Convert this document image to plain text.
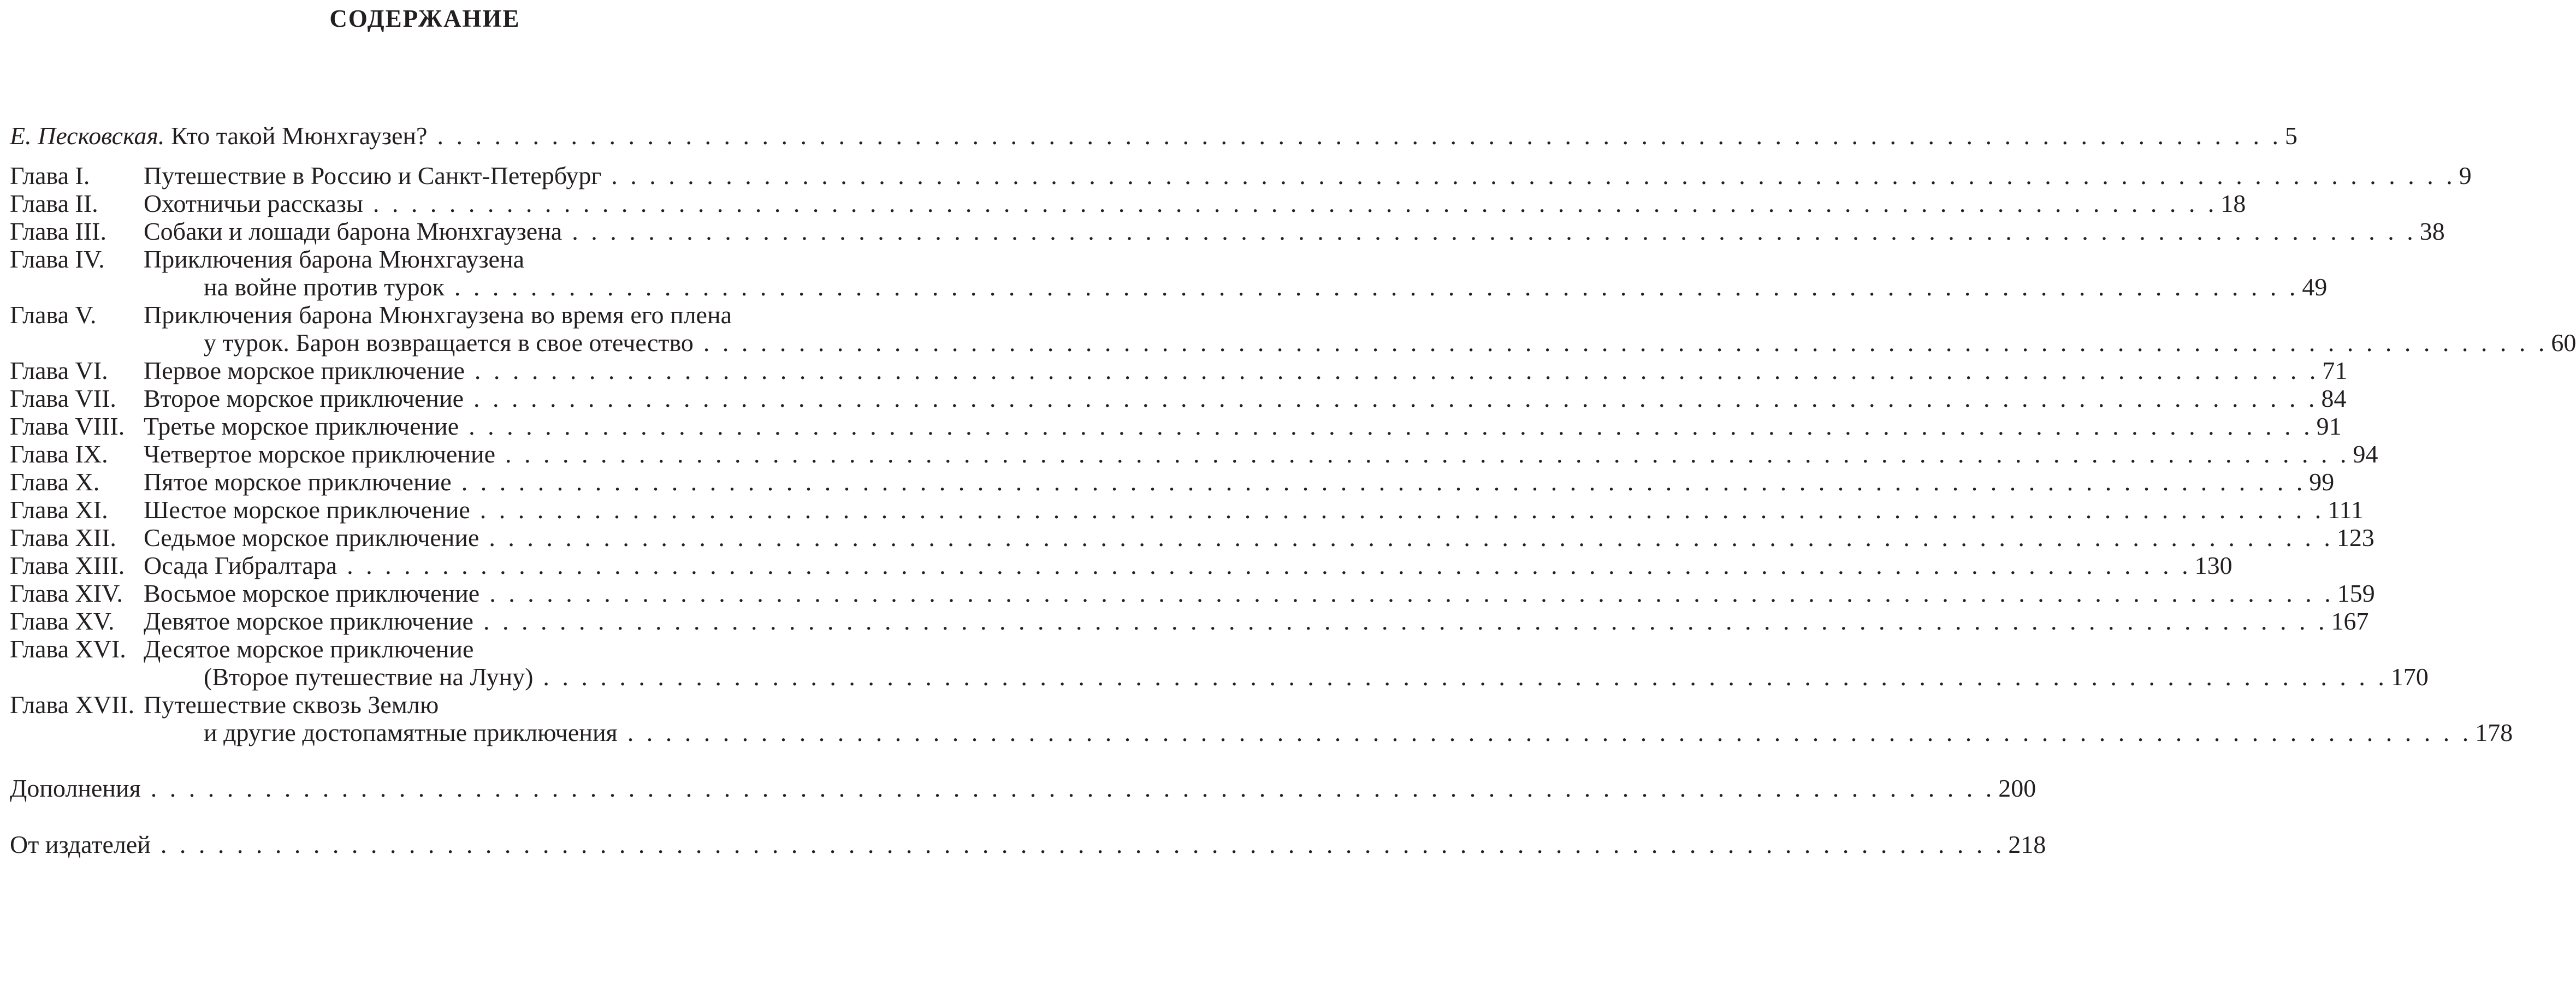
СОДЕРЖАНИЕ
Е. Песковская. Кто такой Мюнхгаузен? . . . . . . . . . . . . . . . . . . . . . . . . . . . . . . . . . . . . . . . . . . . . . . . . . . . . . . . . . . . . . . . . . . . . . . . . . . . . . . . . . . . . . . . . . . . . . . . . . 5
Глава I. Путешествие в Россию и Санкт-Петербург . . . . . . . . . . . . . . . . . . . . . . . . . . . . . . . . . . . . . . . . . . . . . . . . . . . . . . . . . . . . . . . . . . . . . . . . . . . . . . . . . . . . . . . . . . . . . . . . . 9
Глава II. Охотничьи рассказы . . . . . . . . . . . . . . . . . . . . . . . . . . . . . . . . . . . . . . . . . . . . . . . . . . . . . . . . . . . . . . . . . . . . . . . . . . . . . . . . . . . . . . . . . . . . . . . . . 18
Глава III. Собаки и лошади барона Мюнхгаузена . . . . . . . . . . . . . . . . . . . . . . . . . . . . . . . . . . . . . . . . . . . . . . . . . . . . . . . . . . . . . . . . . . . . . . . . . . . . . . . . . . . . . . . . . . . . . . . . . 38
Глава IV. Приключения барона Мюнхгаузена
на войне против турок . . . . . . . . . . . . . . . . . . . . . . . . . . . . . . . . . . . . . . . . . . . . . . . . . . . . . . . . . . . . . . . . . . . . . . . . . . . . . . . . . . . . . . . . . . . . . . . . . 49
Глава V. Приключения барона Мюнхгаузена во время его плена
у турок. Барон возвращается в свое отечество . . . . . . . . . . . . . . . . . . . . . . . . . . . . . . . . . . . . . . . . . . . . . . . . . . . . . . . . . . . . . . . . . . . . . . . . . . . . . . . . . . . . . . . . . . . . . . . . . 60
Глава VI. Первое морское приключение . . . . . . . . . . . . . . . . . . . . . . . . . . . . . . . . . . . . . . . . . . . . . . . . . . . . . . . . . . . . . . . . . . . . . . . . . . . . . . . . . . . . . . . . . . . . . . . . . 71
Глава VII. Второе морское приключение . . . . . . . . . . . . . . . . . . . . . . . . . . . . . . . . . . . . . . . . . . . . . . . . . . . . . . . . . . . . . . . . . . . . . . . . . . . . . . . . . . . . . . . . . . . . . . . . . 84
Глава VIII. Третье морское приключение . . . . . . . . . . . . . . . . . . . . . . . . . . . . . . . . . . . . . . . . . . . . . . . . . . . . . . . . . . . . . . . . . . . . . . . . . . . . . . . . . . . . . . . . . . . . . . . . . 91
Глава IX. Четвертое морское приключение . . . . . . . . . . . . . . . . . . . . . . . . . . . . . . . . . . . . . . . . . . . . . . . . . . . . . . . . . . . . . . . . . . . . . . . . . . . . . . . . . . . . . . . . . . . . . . . . . 94
Глава X. Пятое морское приключение . . . . . . . . . . . . . . . . . . . . . . . . . . . . . . . . . . . . . . . . . . . . . . . . . . . . . . . . . . . . . . . . . . . . . . . . . . . . . . . . . . . . . . . . . . . . . . . . . 99
Глава XI. Шестое морское приключение . . . . . . . . . . . . . . . . . . . . . . . . . . . . . . . . . . . . . . . . . . . . . . . . . . . . . . . . . . . . . . . . . . . . . . . . . . . . . . . . . . . . . . . . . . . . . . . . . 111
Глава XII. Седьмое морское приключение . . . . . . . . . . . . . . . . . . . . . . . . . . . . . . . . . . . . . . . . . . . . . . . . . . . . . . . . . . . . . . . . . . . . . . . . . . . . . . . . . . . . . . . . . . . . . . . . . 123
Глава XIII. Осада Гибралтара . . . . . . . . . . . . . . . . . . . . . . . . . . . . . . . . . . . . . . . . . . . . . . . . . . . . . . . . . . . . . . . . . . . . . . . . . . . . . . . . . . . . . . . . . . . . . . . . . 130
Глава XIV. Восьмое морское приключение . . . . . . . . . . . . . . . . . . . . . . . . . . . . . . . . . . . . . . . . . . . . . . . . . . . . . . . . . . . . . . . . . . . . . . . . . . . . . . . . . . . . . . . . . . . . . . . . . 159
Глава XV. Девятое морское приключение . . . . . . . . . . . . . . . . . . . . . . . . . . . . . . . . . . . . . . . . . . . . . . . . . . . . . . . . . . . . . . . . . . . . . . . . . . . . . . . . . . . . . . . . . . . . . . . . . 167
Глава XVI. Десятое морское приключение
(Второе путешествие на Луну) . . . . . . . . . . . . . . . . . . . . . . . . . . . . . . . . . . . . . . . . . . . . . . . . . . . . . . . . . . . . . . . . . . . . . . . . . . . . . . . . . . . . . . . . . . . . . . . . . 170
Глава XVII. Путешествие сквозь Землю
и другие достопамятные приключения . . . . . . . . . . . . . . . . . . . . . . . . . . . . . . . . . . . . . . . . . . . . . . . . . . . . . . . . . . . . . . . . . . . . . . . . . . . . . . . . . . . . . . . . . . . . . . . . . 178
Дополнения . . . . . . . . . . . . . . . . . . . . . . . . . . . . . . . . . . . . . . . . . . . . . . . . . . . . . . . . . . . . . . . . . . . . . . . . . . . . . . . . . . . . . . . . . . . . . . . . . 200
От издателей . . . . . . . . . . . . . . . . . . . . . . . . . . . . . . . . . . . . . . . . . . . . . . . . . . . . . . . . . . . . . . . . . . . . . . . . . . . . . . . . . . . . . . . . . . . . . . . . . 218
